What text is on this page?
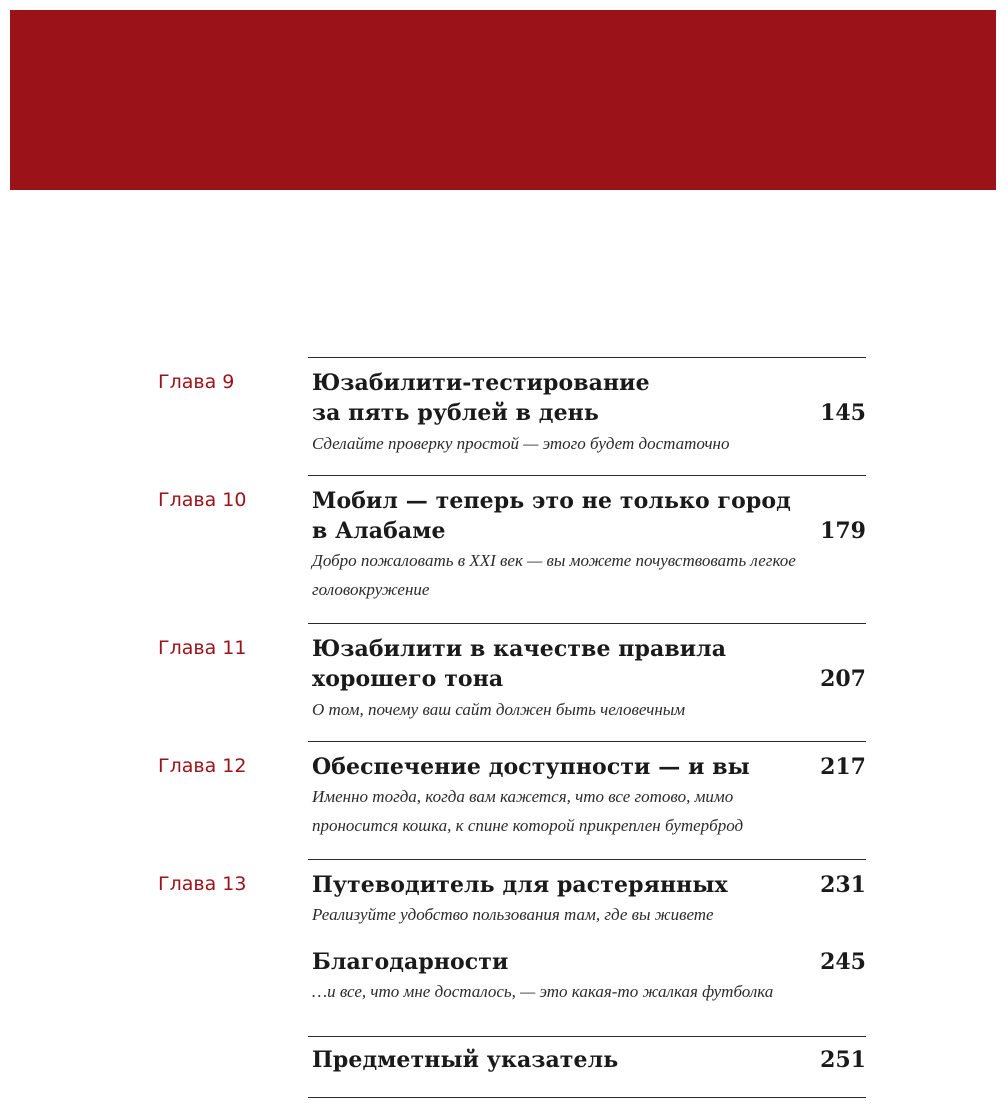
Глава 9	Юзабилити-тестирование
за пять рублей в день	145
Сделайте проверку простой — этого будет достаточно
Глава 10	Мобил — теперь это не только город
в Алабаме	179
Добро пожаловать в XXI век — вы можете почувствовать легкое
головокружение
Глава 11	Юзабилити в качестве правила
хорошего тона	207
О том, почему ваш сайт должен быть человечным
Глава 12	Обеспечение доступности — и вы	217
Именно тогда, когда вам кажется, что все готово, мимо
проносится кошка, к спине которой прикреплен бутерброд
Глава 13	Путеводитель для растерянных	231
Реализуйте удобство пользования там, где вы живете
Благодарности	245
…и все, что мне досталось, — это какая-то жалкая футболка
Предметный указатель	251
